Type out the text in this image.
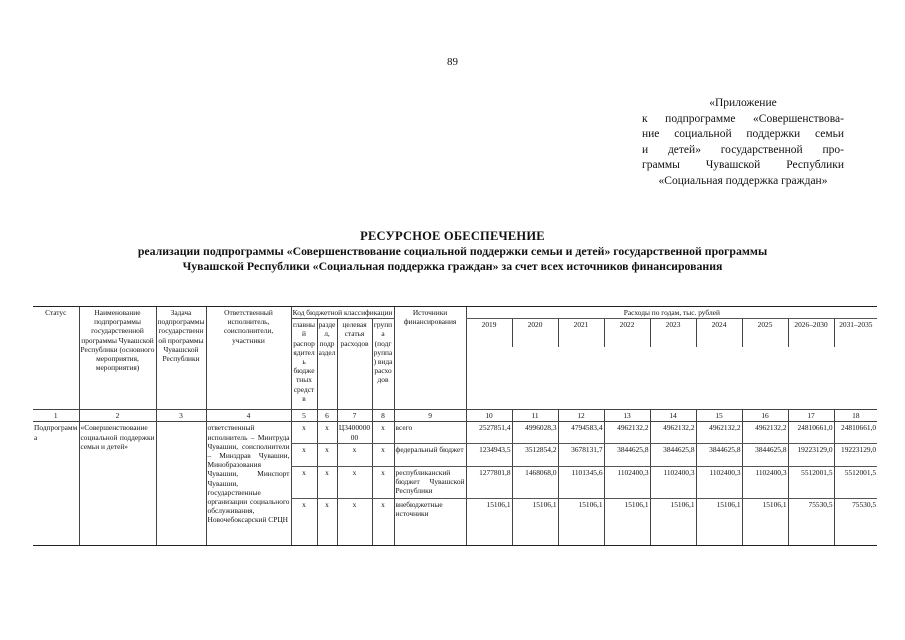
89
«Приложение
к подпрограмме «Совершенствова-
ние социальной поддержки семьи
и детей» государственной про-
граммы Чувашской Республики
«Социальная поддержка граждан»
РЕСУРСНОЕ ОБЕСПЕЧЕНИЕ
реализации подпрограммы «Совершенствование социальной поддержки семьи и детей» государственной программы
Чувашской Республики «Социальная поддержка граждан» за счет всех источников финансирования
Статус	Наименование подпрограммы государственной программы Чувашской Республики (основного мероприятия, мероприятия)	Задача подпрограммы государственной программы Чувашской Республики	Ответственный исполнитель, соисполнители, участники	Код бюджетной классификации				Источники финансирования	Расходы по годам, тыс. рублей								
				главный распорядитель бюджетных средств	раздел, подраздел	целевая статья расходов	группа (подгруппа) вида расходов		2019	2020	2021	2022	2023	2024	2025	2026–2030	2031–2035

1	2	3	4	5	6	7	8	9	10	11	12	13	14	15	16	17	18
Подпрограмма	«Совершенствование социальной поддержки семьи и детей»		ответственный исполнитель – Минтруда Чувашии, соисполнители – Минздрав Чувашии, Минобразования Чувашии, Минспорт Чувашии, государственные организации социального обслуживания, Новочебоксарский СРЦН	x	x	Ц340000000	x	всего	2527851,4	4996028,3	4794583,4	4962132,2	4962132,2	4962132,2	4962132,2	24810661,0	24810661,0
				x	x	x	x	федеральный бюджет	1234943,5	3512854,2	3678131,7	3844625,8	3844625,8	3844625,8	3844625,8	19223129,0	19223129,0
				x	x	x	x	республиканский бюджет Чувашской Республики	1277801,8	1468068,0	1101345,6	1102400,3	1102400,3	1102400,3	1102400,3	5512001,5	5512001,5
				x	x	x	x	внебюджетные источники	15106,1	15106,1	15106,1	15106,1	15106,1	15106,1	15106,1	75530,5	75530,5
